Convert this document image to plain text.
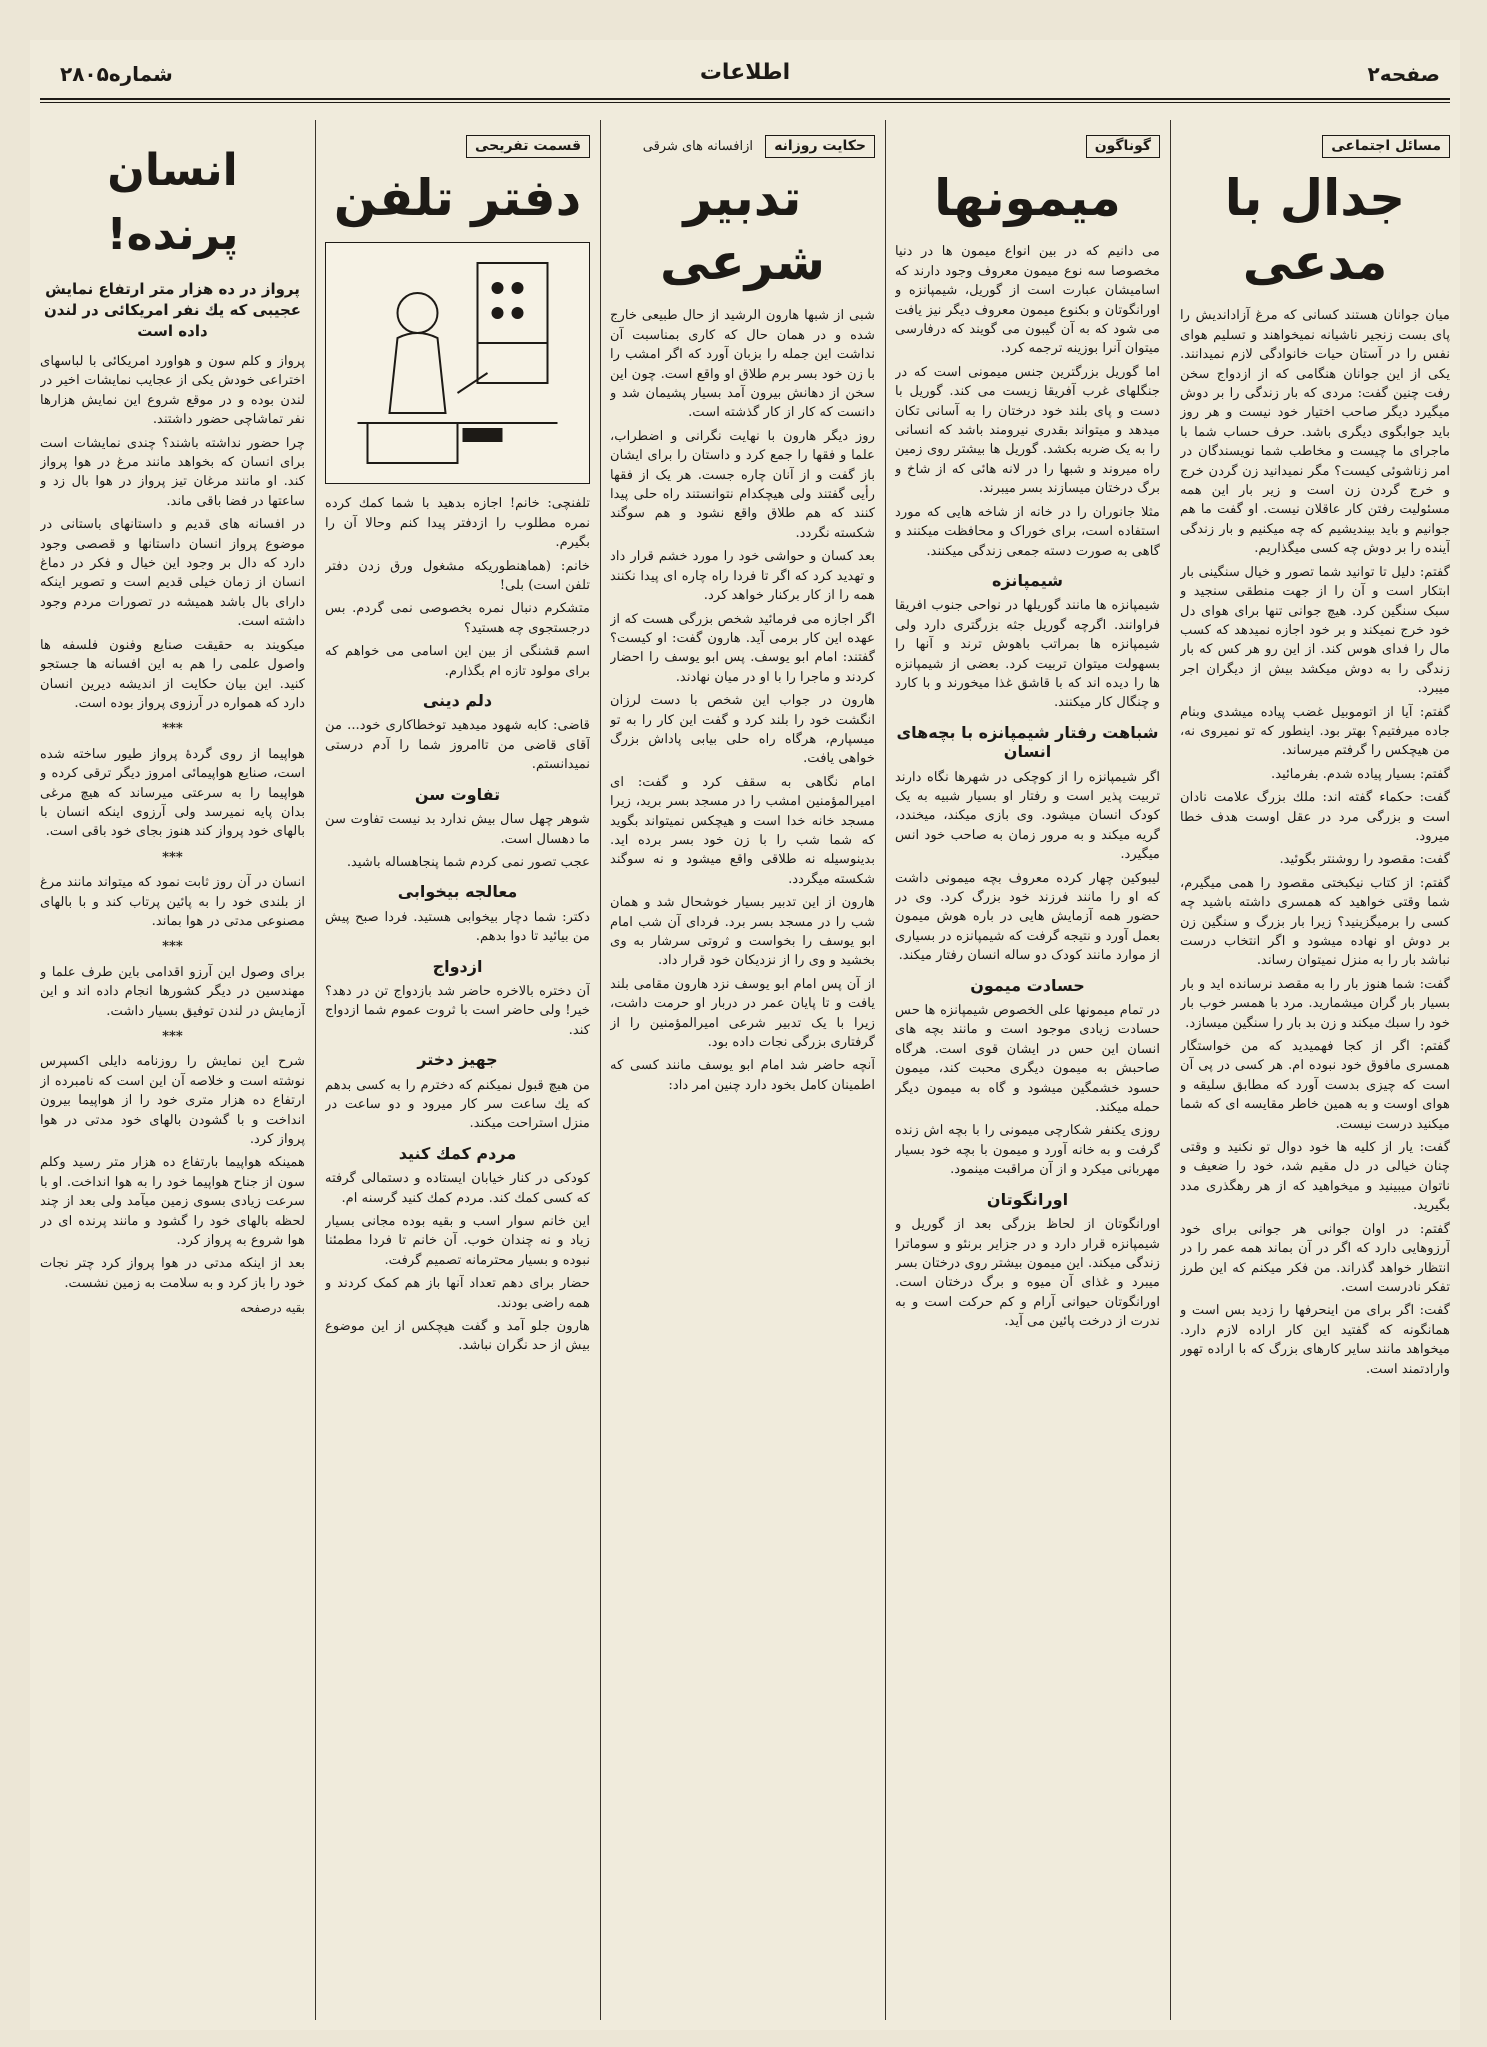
صفحه۲
اطلاعات
شماره۲۸۰۵
مسائل اجتماعی
جدال با مدعی

میان جوانان هستند کسانی که مرغ آزاداندیش را پای بست زنجیر ناشیانه نمیخواهند و تسلیم هوای نفس را در آستان حیات خانوادگی لازم نمیدانند. یکی از این جوانان هنگامی که از ازدواج سخن رفت چنین گفت: مردی که بار زندگی را بر دوش میگیرد دیگر صاحب اختیار خود نیست و هر روز باید جوابگوی دیگری باشد. حرف حساب شما با ماجرای ما چیست و مخاطب شما نویسندگان در امر زناشوئی کیست؟ مگر نمیدانید زن گردن خرج و خرج گردن زن است و زیر بار این همه مسئولیت رفتن کار عاقلان نیست. او گفت ما هم جوانیم و باید بیندیشیم که چه میکنیم و بار زندگی آینده را بر دوش چه کسی میگذاریم.

گفتم: دلیل تا توانید شما تصور و خیال سنگینی بار ابتکار است و آن را از جهت منطقی سنجید و سبک سنگین کرد. هیچ جوانی تنها برای هوای دل خود خرج نمیکند و بر خود اجازه نمیدهد که کسب مال را فدای هوس کند. از این رو هر کس که بار زندگی را به دوش میکشد بیش از دیگران اجر میبرد.

گفتم: آیا از اتوموبیل غضب پیاده میشدی وبنام جاده میرفتیم؟ بهتر بود. اینطور که تو نمیروی نه، من هیچکس را گرفتم میرساند.

گفتم: بسیار پیاده شدم. بفرمائید.

گفت: حکماء گفته اند: ملك بزرگ علامت نادان است و بزرگی مرد در عقل اوست هدف خطا میرود.

گفت: مقصود را روشنتر بگوئید.

گفتم: از کتاب نیکبختی مقصود را همی میگیرم، شما وقتی خواهید که همسری داشته باشید چه کسی را برمیگزینید؟ زیرا بار بزرگ و سنگین زن بر دوش او نهاده میشود و اگر انتخاب درست نباشد بار را به منزل نمیتوان رساند.

گفت: شما هنوز بار را به مقصد نرسانده اید و بار بسیار بار گران میشمارید. مرد با همسر خوب بار خود را سبك میکند و زن بد بار را سنگین میسازد.

گفتم: اگر از کجا فهمیدید که من خواستگار همسری مافوق خود نبوده ام. هر کسی در پی آن است که چیزی بدست آورد که مطابق سلیقه و هوای اوست و به همین خاطر مقایسه ای که شما میکنید درست نیست.

گفت: یار از کلیه ها خود دوال تو نکنید و وقتی چنان خیالی در دل مقیم شد، خود را ضعیف و ناتوان میبینید و میخواهید که از هر رهگذری مدد بگیرید.

گفتم: در اوان جوانی هر جوانی برای خود آرزوهایی دارد که اگر در آن بماند همه عمر را در انتظار خواهد گذراند. من فکر میکنم که این طرز تفکر نادرست است.

گفت: اگر برای من اینحرفها را زدید بس است و همانگونه که گفتید این کار اراده لازم دارد. میخواهد مانند سایر کارهای بزرگ که با اراده تهور وارادتمند است.

گوناگون
میمونها

می دانیم که در بین انواع میمون ها در دنیا مخصوصا سه نوع میمون معروف وجود دارند که اسامیشان عبارت است از گوریل، شیمپانزه و اورانگوتان و بکنوع میمون معروف دیگر نیز یافت می شود که به آن گیبون می گویند که درفارسی میتوان آنرا بوزینه ترجمه کرد.

اما گوریل بزرگترین جنس میمونی است که در جنگلهای غرب آفریقا زیست می کند. گوریل با دست و پای بلند خود درختان را به آسانی تکان میدهد و میتواند بقدری نیرومند باشد که انسانی را به یک ضربه بکشد. گوریل ها بیشتر روی زمین راه میروند و شبها را در لانه هائی که از شاخ و برگ درختان میسازند بسر میبرند.

مثلا جانوران را در خانه از شاخه هایی که مورد استفاده است، برای خوراک و محافظت میکنند و گاهی به صورت دسته جمعی زندگی میکنند.

شیمپانزه

شیمپانزه ها مانند گوریلها در نواحی جنوب افریقا فراوانند. اگرچه گوریل جثه بزرگتری دارد ولی شیمپانزه ها بمراتب باهوش ترند و آنها را بسهولت میتوان تربیت کرد. بعضی از شیمپانزه ها را دیده اند که با قاشق غذا میخورند و با کارد و چنگال کار میکنند.

شباهت رفتار شیمپانزه با بچه‌های انسان

اگر شیمپانزه را از کوچکی در شهرها نگاه دارند تربیت پذیر است و رفتار او بسیار شبیه به یک کودک انسان میشود. وی بازی میکند، میخندد، گریه میکند و به مرور زمان به صاحب خود انس میگیرد.

لیبوکین چهار کرده معروف بچه میمونی داشت که او را مانند فرزند خود بزرگ کرد. وی در حضور همه آزمایش هایی در باره هوش میمون بعمل آورد و نتیجه گرفت که شیمپانزه در بسیاری از موارد مانند کودک دو ساله انسان رفتار میکند.

حسادت میمون

در تمام میمونها علی الخصوص شیمپانزه ها حس حسادت زیادی موجود است و مانند بچه های انسان این حس در ایشان قوی است. هرگاه صاحبش به میمون دیگری محبت کند، میمون حسود خشمگین میشود و گاه به میمون دیگر حمله میکند.

روزی یکنفر شکارچی میمونی را با بچه اش زنده گرفت و به خانه آورد و میمون با بچه خود بسیار مهربانی میکرد و از آن مراقبت مینمود.

اورانگوتان

اورانگوتان از لحاظ بزرگی بعد از گوریل و شیمپانزه قرار دارد و در جزایر برنئو و سوماترا زندگی میکند. این میمون بیشتر روی درختان بسر میبرد و غذای آن میوه و برگ درختان است. اورانگوتان حیوانی آرام و کم حرکت است و به ندرت از درخت پائین می آید.

حکایت روزانه ازافسانه های شرقی
تدبیر شرعی

شبی از شبها هارون الرشید از حال طبیعی خارج شده و در همان حال که کاری بمناسبت آن نداشت این جمله را بزبان آورد که اگر امشب را با زن خود بسر برم طلاق او واقع است. چون این سخن از دهانش بیرون آمد بسیار پشیمان شد و دانست که کار از کار گذشته است.

روز دیگر هارون با نهایت نگرانی و اضطراب، علما و فقها را جمع کرد و داستان را برای ایشان باز گفت و از آنان چاره جست. هر یک از فقها رأیی گفتند ولی هیچکدام نتوانستند راه حلی پیدا کنند که هم طلاق واقع نشود و هم سوگند شکسته نگردد.

بعد کسان و حواشی خود را مورد خشم قرار داد و تهدید کرد که اگر تا فردا راه چاره ای پیدا نکنند همه را از کار برکنار خواهد کرد.

اگر اجازه می فرمائید شخص بزرگی هست که از عهده این کار برمی آید. هارون گفت: او کیست؟ گفتند: امام ابو یوسف. پس ابو یوسف را احضار کردند و ماجرا را با او در میان نهادند.

هارون در جواب این شخص با دست لرزان انگشت خود را بلند کرد و گفت این کار را به تو میسپارم، هرگاه راه حلی بیابی پاداش بزرگ خواهی یافت.

امام نگاهی به سقف کرد و گفت: ای امیرالمؤمنین امشب را در مسجد بسر برید، زیرا مسجد خانه خدا است و هیچکس نمیتواند بگوید که شما شب را با زن خود بسر برده اید. بدینوسیله نه طلاقی واقع میشود و نه سوگند شکسته میگردد.

هارون از این تدبیر بسیار خوشحال شد و همان شب را در مسجد بسر برد. فردای آن شب امام ابو یوسف را بخواست و ثروتی سرشار به وی بخشید و وی را از نزدیکان خود قرار داد.

از آن پس امام ابو یوسف نزد هارون مقامی بلند یافت و تا پایان عمر در دربار او حرمت داشت، زیرا با یک تدبیر شرعی امیرالمؤمنین را از گرفتاری بزرگی نجات داده بود.

آنچه حاضر شد امام ابو یوسف مانند کسی که اطمینان کامل بخود دارد چنین امر داد:

قسمت تفریحی
دفتر تلفن

تلفنچی: خانم! اجازه بدهید با شما کمك کرده نمره مطلوب را ازدفتر پیدا کنم وحالا آن را بگیرم.

خانم: (هماهنطوریکه مشغول ورق زدن دفتر تلفن است) بلی!

متشکرم دنبال نمره بخصوصی نمی گردم. بس درجستجوی چه هستید؟

اسم قشنگی از بین این اسامی می خواهم که برای مولود تازه ام بگذارم.

دلم دینی

قاضی: کابه شهود میدهید توخطاکاری خود... من آقای قاضی من تاامروز شما را آدم درستی نمیدانستم.

تفاوت سن

شوهر چهل سال بیش ندارد بد نیست تفاوت سن ما دهسال است.

عجب تصور نمی کردم شما پنجاهساله باشید.

معالجه بیخوابی

دکتر: شما دچار بیخوابی هستید. فردا صبح پیش من بیائید تا دوا بدهم.

ازدواج

آن دختره بالاخره حاضر شد بازدواج تن در دهد؟ خیر! ولی حاضر است با ثروت عموم شما ازدواج کند.

جهیز دختر

من هیچ قبول نمیکنم که دخترم را به کسی بدهم که یك ساعت سر کار میرود و دو ساعت در منزل استراحت میکند.

مردم کمك کنید

کودکی در کنار خیابان ایستاده و دستمالی گرفته که کسی کمك کند. مردم کمك کنید گرسنه ام.

این خانم سوار اسب و بقیه بوده مجانی بسیار زیاد و نه چندان خوب. آن خانم تا فردا مطمئنا نبوده و بسیار محترمانه تصمیم گرفت.

حضار برای دهم تعداد آنها باز هم کمک کردند و همه راضی بودند.

هارون جلو آمد و گفت هیچکس از این موضوع بیش از حد نگران نباشد.

انسان پرنده!
پرواز در ده هزار متر ارتفاع نمایش عجیبی که یك نفر امریکائی در لندن داده است

پرواز و کلم سون و هواورد امریکائی با لباسهای اختراعی خودش یکی از عجایب نمایشات اخیر در لندن بوده و در موقع شروع این نمایش هزارها نفر تماشاچی حضور داشتند.

چرا حضور نداشته باشند؟ چندی نمایشات است برای انسان که بخواهد مانند مرغ در هوا پرواز کند. او مانند مرغان تیز پرواز در هوا بال زد و ساعتها در فضا باقی ماند.

در افسانه های قدیم و داستانهای باستانی در موضوع پرواز انسان داستانها و قصصی وجود دارد که دال بر وجود این خیال و فکر در دماغ انسان از زمان خیلی قدیم است و تصویر اینکه دارای بال باشد همیشه در تصورات مردم وجود داشته است.

میکویند به حقیقت صنایع وفنون فلسفه ها واصول علمی را هم به این افسانه ها جستجو کنید. این بیان حکایت از اندیشه دیرین انسان دارد که همواره در آرزوی پرواز بوده است.

***

هواپیما از روی گردهٔ پرواز طیور ساخته شده است، صنایع هواپیمائی امروز دیگر ترقی کرده و هواپیما را به سرعتی میرساند که هیچ مرغی بدان پایه نمیرسد ولی آرزوی اینکه انسان با بالهای خود پرواز کند هنوز بجای خود باقی است.

***

انسان در آن روز ثابت نمود که میتواند مانند مرغ از بلندی خود را به پائین پرتاب کند و با بالهای مصنوعی مدتی در هوا بماند.

***

برای وصول این آرزو اقدامی باین طرف علما و مهندسین در دیگر کشورها انجام داده اند و این آزمایش در لندن توفیق بسیار داشت.

***

شرح این نمایش را روزنامه دایلی اکسپرس نوشته است و خلاصه آن این است که نامبرده از ارتفاع ده هزار متری خود را از هواپیما بیرون انداخت و با گشودن بالهای خود مدتی در هوا پرواز کرد.

همینکه هواپیما بارتفاع ده هزار متر رسید وکلم سون از جناح هواپیما خود را به هوا انداخت. او با سرعت زیادی بسوی زمین میآمد ولی بعد از چند لحظه بالهای خود را گشود و مانند پرنده ای در هوا شروع به پرواز کرد.

بعد از اینکه مدتی در هوا پرواز کرد چتر نجات خود را باز کرد و به سلامت به زمین نشست.

بقیه درصفحه
